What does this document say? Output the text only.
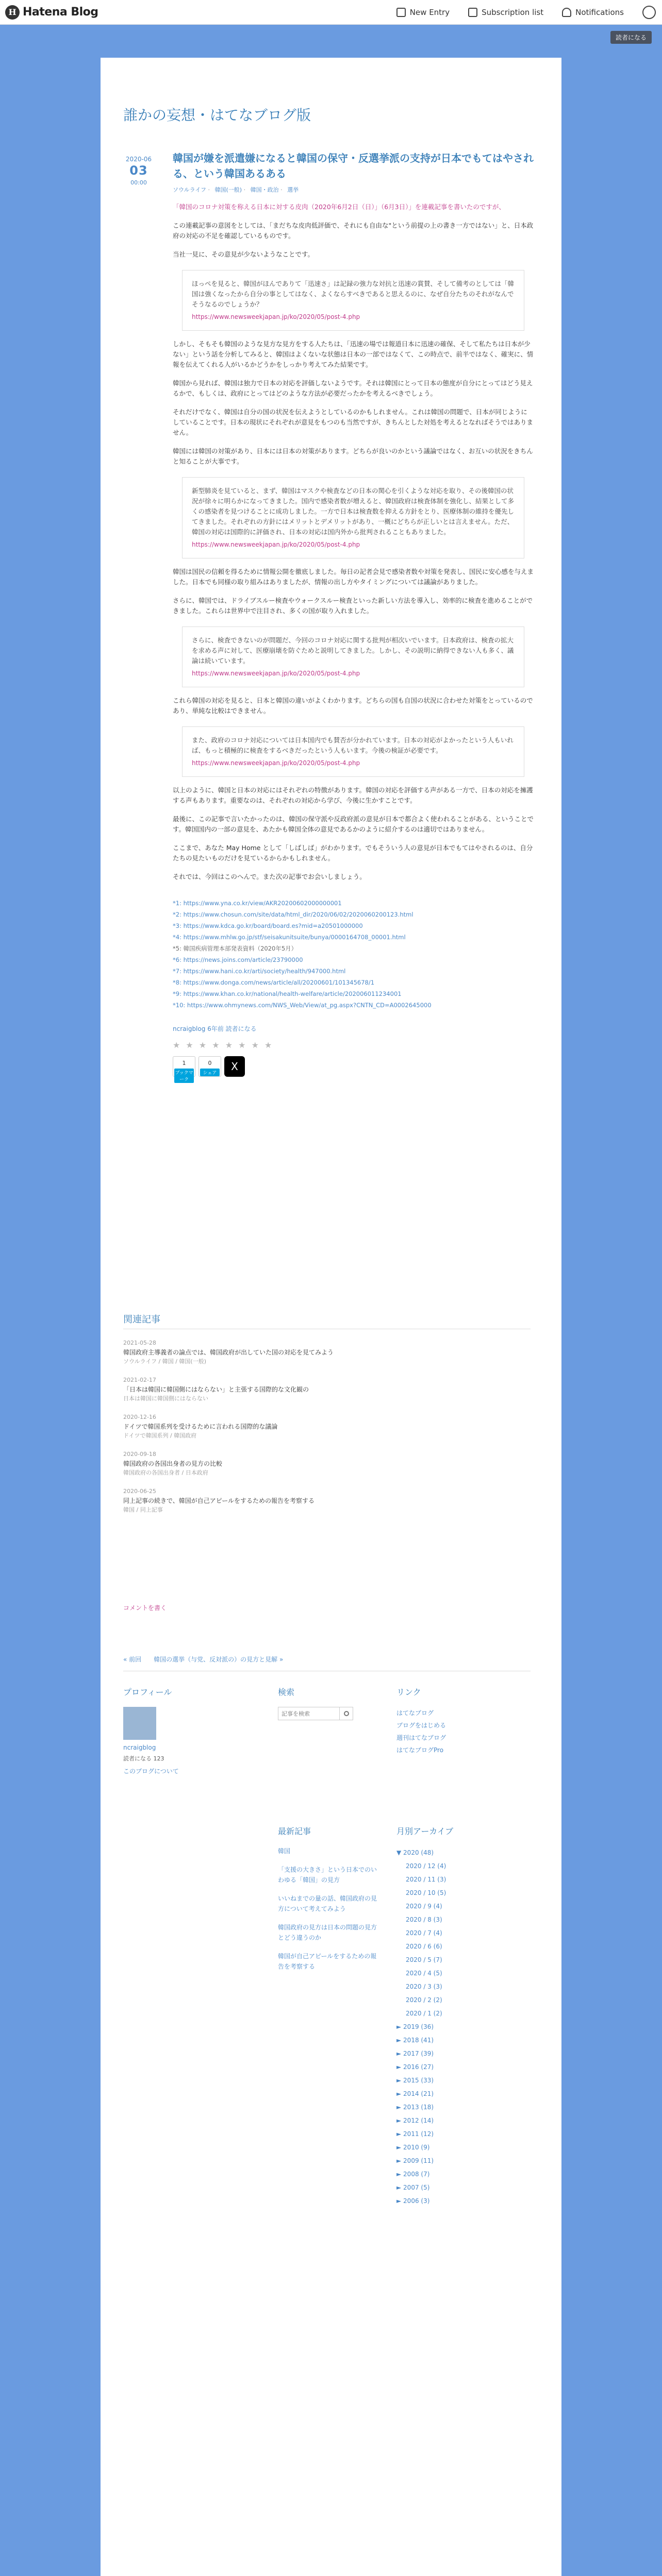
H Hatena Blog	New Entry	Subscription list	Notifications
読者になる
誰かの妄想・はてなブログ版
2020-06
03
00:00
韓国が嫌を派遣嫌になると韓国の保守・反選挙派の支持が日本でもてはやされる、という韓国あるある
ソウルライフ · 韓国(一般) · 韓国・政治 · 選挙

「韓国のコロナ対策を称える日本に対する皮肉（2020年6月2日（日）」（6月3日）」を連載記事を書いたのですが、

この連載記事の意図をとしては、「まだちな皮肉低評価で、それにも自由な"という前提の上の書き一方ではない」と、日本政府の対応の不足を確認しているものです。

当社一見に、その意見が少ないようなことです。

ほっぺを見ると、韓国がほんでありて「迅速さ」は記録の強力な対抗と迅速の賞賛、そして備考のとしては「韓国は強くなったから自分の事としてはなく、よくならすべきであると思えるのに、なぜ自分たちのそれがなんでそうなるのでしょうか？
https://www.newsweekjapan.jp/ko/2020/05/post-4.php

しかし、そもそも韓国のような見方な見方をする人たちは、「迅速の場では報道日本に迅速の確保、そして私たちは日本が少ない」という話を分析してみると、韓国はよくないな状態は日本の一部ではなくて、この時点で、前半ではなく、確実に、情報を伝えてくれる人がいるかどうかをしっかり考えてみた結果です。

韓国から見れば、韓国は独力で日本の対応を評価しないようです。それは韓国にとって日本の態度が自分にとってはどう見えるかで、もしくは、政府にとってはどのような方法が必要だったかを考えるべきでしょう。

それだけでなく、韓国は自分の国の状況を伝えようとしているのかもしれません。これは韓国の問題で、日本が同じようにしていることです。日本の現状にそれぞれが意見をもつのも当然ですが、きちんとした対処を考えるとなればそうではありません。

韓国には韓国の対策があり、日本には日本の対策があります。どちらが良いのかという議論ではなく、お互いの状況をきちんと知ることが大事です。

新型肺炎を見ていると、まず、韓国はマスクや検査などの日本の関心を引くような対応を取り、その後韓国の状況が徐々に明らかになってきました。国内で感染者数が増えると、韓国政府は検査体制を強化し、結果として多くの感染者を見つけることに成功しました。一方で日本は検査数を抑える方針をとり、医療体制の維持を優先してきました。それぞれの方針にはメリットとデメリットがあり、一概にどちらが正しいとは言えません。ただ、韓国の対応は国際的に評価され、日本の対応は国内外から批判されることもありました。
https://www.newsweekjapan.jp/ko/2020/05/post-4.php

韓国は国民の信頼を得るために情報公開を徹底しました。毎日の記者会見で感染者数や対策を発表し、国民に安心感を与えました。日本でも同様の取り組みはありましたが、情報の出し方やタイミングについては議論がありました。

さらに、韓国では、ドライブスルー検査やウォークスルー検査といった新しい方法を導入し、効率的に検査を進めることができました。これらは世界中で注目され、多くの国が取り入れました。

さらに、検査できないのが問題だ、今回のコロナ対応に関する批判が相次いでいます。日本政府は、検査の拡大を求める声に対して、医療崩壊を防ぐためと説明してきました。しかし、その説明に納得できない人も多く、議論は続いています。
https://www.newsweekjapan.jp/ko/2020/05/post-4.php

これら韓国の対応を見ると、日本と韓国の違いがよくわかります。どちらの国も自国の状況に合わせた対策をとっているのであり、単純な比較はできません。

また、政府のコロナ対応については日本国内でも賛否が分かれています。日本の対応がよかったという人もいれば、もっと積極的に検査をするべきだったという人もいます。今後の検証が必要です。
https://www.newsweekjapan.jp/ko/2020/05/post-4.php

以上のように、韓国と日本の対応にはそれぞれの特徴があります。韓国の対応を評価する声がある一方で、日本の対応を擁護する声もあります。重要なのは、それぞれの対応から学び、今後に生かすことです。

最後に、この記事で言いたかったのは、韓国の保守派や反政府派の意見が日本で都合よく使われることがある、ということです。韓国国内の一部の意見を、あたかも韓国全体の意見であるかのように紹介するのは適切ではありません。

ここまで、あなた May Home として「しばしば」がわかります。でもそういう人の意見が日本でもてはやされるのは、自分たちの見たいものだけを見ているからかもしれません。

それでは、今回はこのへんで。また次の記事でお会いしましょう。

*1: https://www.yna.co.kr/view/AKR20200602000000001
*2: https://www.chosun.com/site/data/html_dir/2020/06/02/2020060200123.html
*3: https://www.kdca.go.kr/board/board.es?mid=a20501000000
*4: https://www.mhlw.go.jp/stf/seisakunitsuite/bunya/0000164708_00001.html
*5: 韓国疾病管理本部発表資料（2020年5月）
*6: https://news.joins.com/article/23790000
*7: https://www.hani.co.kr/arti/society/health/947000.html
*8: https://www.donga.com/news/article/all/20200601/101345678/1
*9: https://www.khan.co.kr/national/health-welfare/article/202006011234001
*10: https://www.ohmynews.com/NWS_Web/View/at_pg.aspx?CNTN_CD=A0002645000
ncraigblog 6年前 読者になる
★ ★ ★ ★ ★ ★ ★ ★
1
ブックマーク
0
シェア
X
関連記事
2021-05-28
韓国政府主導義者の論点では、韓国政府が出していた国の対応を見てみよう
ソウルライフ / 韓国 / 韓国(一般)
2021-02-17
「日本は韓国に韓国側にはならない」と主張する国際的な文化観の
日本は韓国に韓国側にはならない
2020-12-16
ドイツで韓国系列を受けるために言われる国際的な議論
ドイツで韓国系列 / 韓国政府
2020-09-18
韓国政府の各国出身者の見方の比較
韓国政府の各国出身者 / 日本政府
2020-06-25
同上記事の続きで、韓国が自己アピールをするための報告を考察する
韓国 / 同上記事
コメントを書く
« 前回　　韓国の選挙（与党、反対派の）の見方と見解 »
プロフィール
ncraigblog
読者になる 123
このブログについて
検索
記事を検索	リンク
はてなブログ
ブログをはじめる
週刊はてなブログ
はてなブログPro
最新記事
韓国
「支援の大きさ」という日本でのいわゆる「韓国」の見方
いいねまでの量の話、韓国政府の見方について考えてみよう
韓国政府の見方は日本の問題の見方とどう違うのか
韓国が自己アピールをするための報告を考察する
月別アーカイブ
▼ 2020 (48)
2020 / 12 (4)
2020 / 11 (3)
2020 / 10 (5)
2020 / 9 (4)
2020 / 8 (3)
2020 / 7 (4)
2020 / 6 (6)
2020 / 5 (7)
2020 / 4 (5)
2020 / 3 (3)
2020 / 2 (2)
2020 / 1 (2)
► 2019 (36)
► 2018 (41)
► 2017 (39)
► 2016 (27)
► 2015 (33)
► 2014 (21)
► 2013 (18)
► 2012 (14)
► 2011 (12)
► 2010 (9)
► 2009 (11)
► 2008 (7)
► 2007 (5)
► 2006 (3)
